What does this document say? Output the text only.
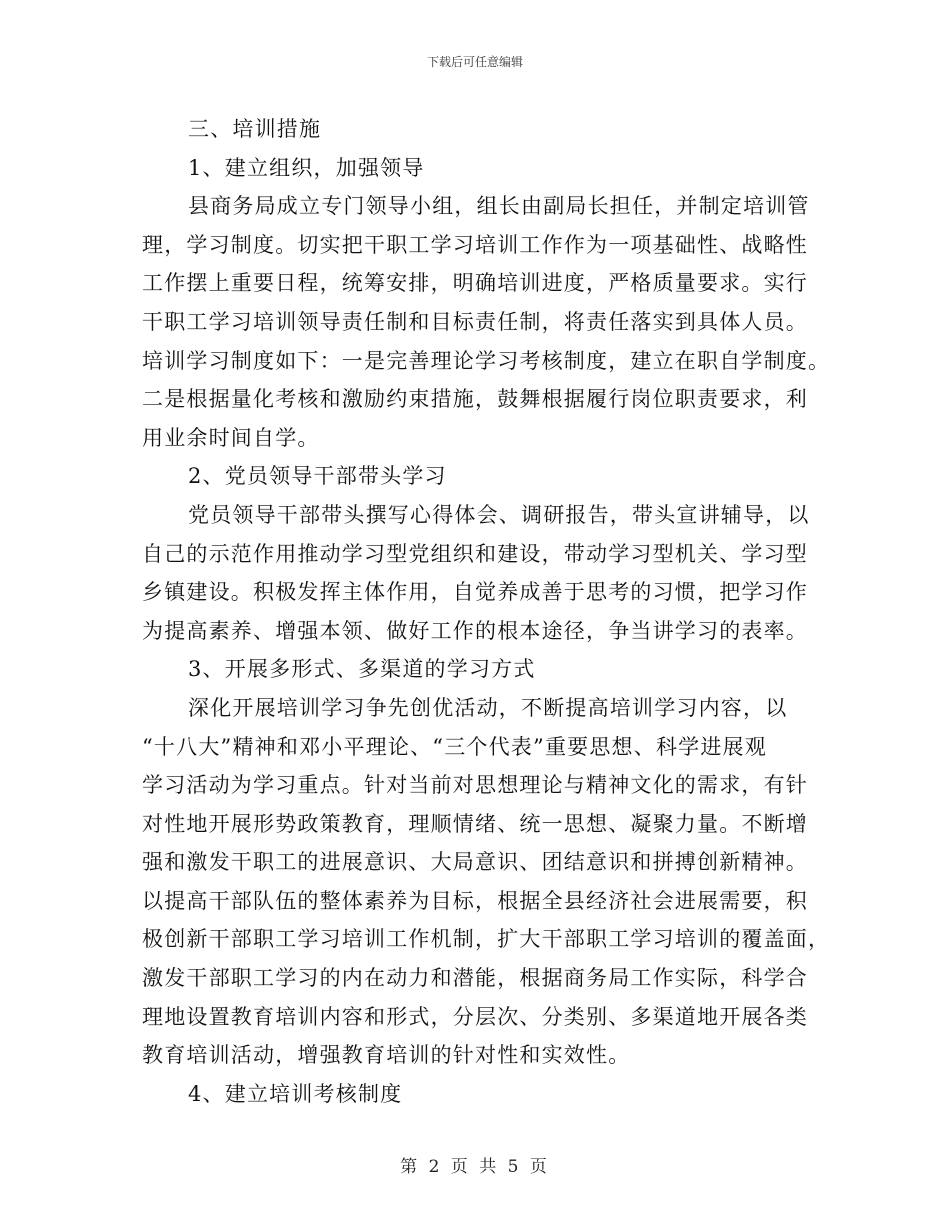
下载后可任意编辑
三、培训措施
1、建立组织，加强领导
县商务局成立专门领导小组，组长由副局长担任，并制定培训管
理，学习制度。切实把干职工学习培训工作作为一项基础性、战略性
工作摆上重要日程，统筹安排，明确培训进度，严格质量要求。实行
干职工学习培训领导责任制和目标责任制，将责任落实到具体人员。
培训学习制度如下：一是完善理论学习考核制度，建立在职自学制度。
二是根据量化考核和激励约束措施，鼓舞根据履行岗位职责要求，利
用业余时间自学。
2、党员领导干部带头学习
党员领导干部带头撰写心得体会、调研报告，带头宣讲辅导，以
自己的示范作用推动学习型党组织和建设，带动学习型机关、学习型
乡镇建设。积极发挥主体作用，自觉养成善于思考的习惯，把学习作
为提高素养、增强本领、做好工作的根本途径，争当讲学习的表率。
3、开展多形式、多渠道的学习方式
深化开展培训学习争先创优活动，不断提高培训学习内容，以
“十八大”精神和邓小平理论、“三个代表”重要思想、科学进展观
学习活动为学习重点。针对当前对思想理论与精神文化的需求，有针
对性地开展形势政策教育，理顺情绪、统一思想、凝聚力量。不断增
强和激发干职工的进展意识、大局意识、团结意识和拼搏创新精神。
以提高干部队伍的整体素养为目标，根据全县经济社会进展需要，积
极创新干部职工学习培训工作机制，扩大干部职工学习培训的覆盖面，
激发干部职工学习的内在动力和潜能，根据商务局工作实际，科学合
理地设置教育培训内容和形式，分层次、分类别、多渠道地开展各类
教育培训活动，增强教育培训的针对性和实效性。
4、建立培训考核制度
第 2 页 共 5 页
